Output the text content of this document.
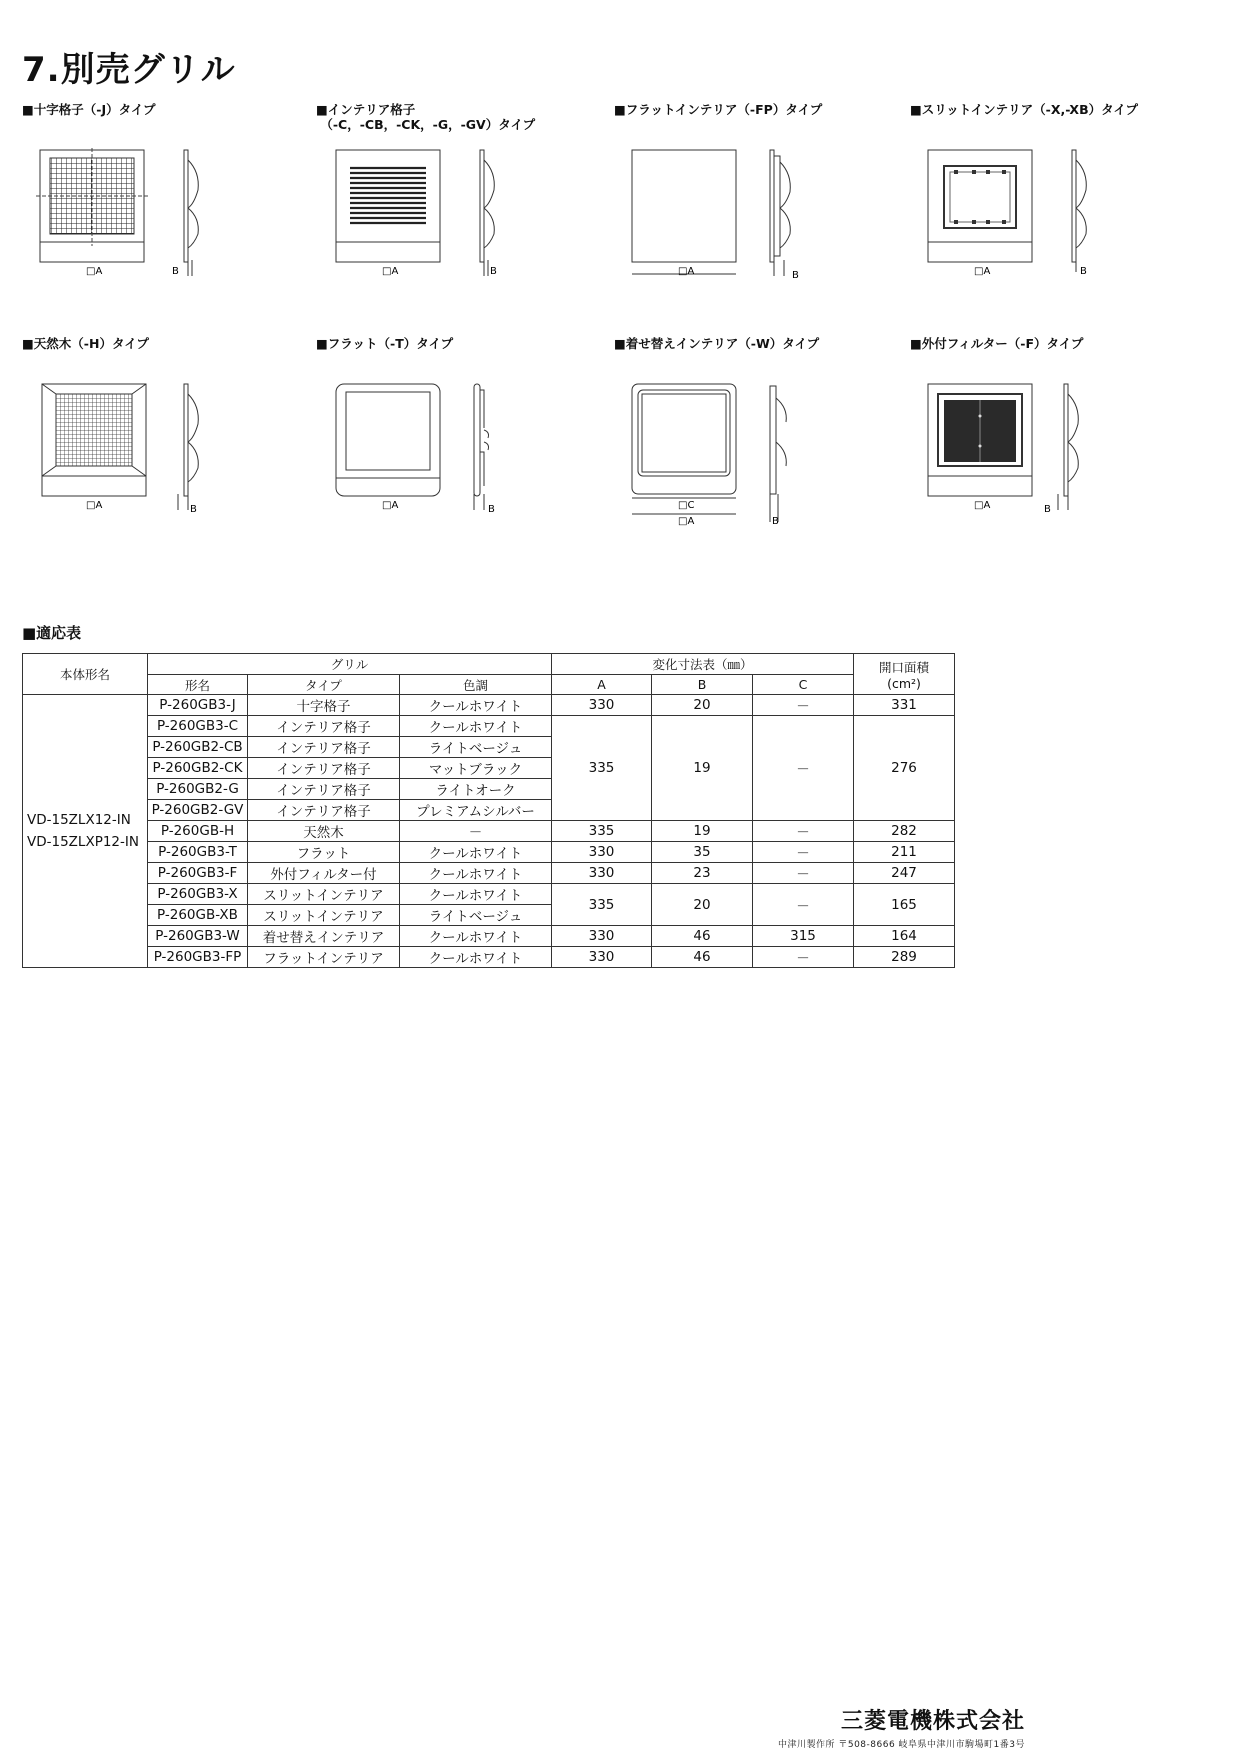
7.別売グリル
■十字格子（-J）タイプ	■インテリア格子
（-C，-CB，-CK，-G，-GV）タイプ
■フラットインテリア（-FP）タイプ	■スリットインテリア（-X,-XB）タイプ
■天然木（-H）タイプ	■フラット（-T）タイプ	■着せ替えインテリア（-W）タイプ	■外付フィルター（-F）タイプ
□A	B	□A	B	□A	B	□A	B
□A	B	□A	B	□C
□A	B
□A	B
■適応表
本体形名	グリル			変化寸法表（㎜）			開口面積
(cm²)

	形名	タイプ	色調	A	B	C	

VD-15ZLX12-IN
VD-15ZLXP12-IN	P-260GB3-J	十字格子	クールホワイト	330	20	－	331
	P-260GB3-C	インテリア格子	クールホワイト	335	19	－	276
	P-260GB2-CB	インテリア格子	ライトベージュ				
	P-260GB2-CK	インテリア格子	マットブラック				
	P-260GB2-G	インテリア格子	ライトオーク				
	P-260GB2-GV	インテリア格子	プレミアムシルバー				
	P-260GB-H	天然木	－	335	19	－	282
	P-260GB3-T	フラット	クールホワイト	330	35	－	211
	P-260GB3-F	外付フィルター付	クールホワイト	330	23	－	247
	P-260GB3-X	スリットインテリア	クールホワイト	335	20	－	165
	P-260GB-XB	スリットインテリア	ライトベージュ				
	P-260GB3-W	着せ替えインテリア	クールホワイト	330	46	315	164
	P-260GB3-FP	フラットインテリア	クールホワイト	330	46	－	289
三菱電機株式会社
中津川製作所 〒508-8666 岐阜県中津川市駒場町1番3号
